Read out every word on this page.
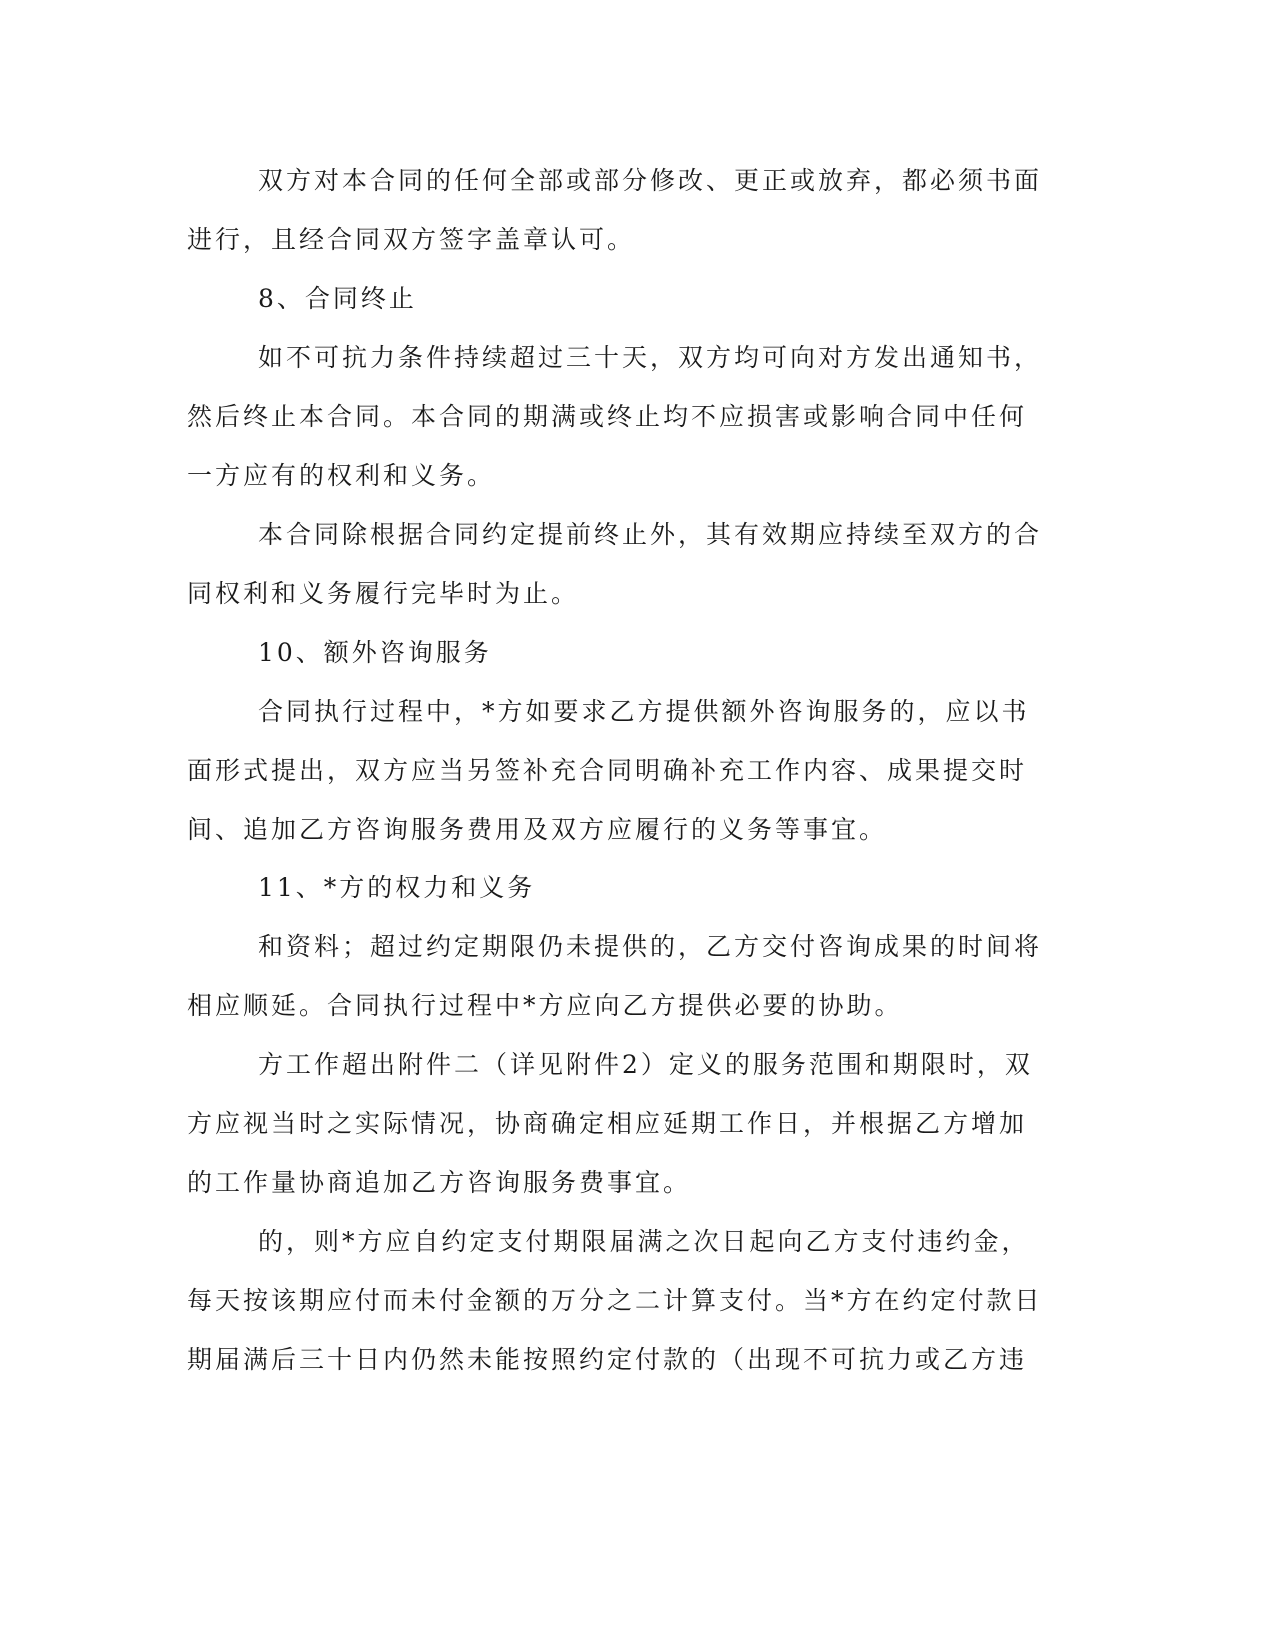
双方对本合同的任何全部或部分修改、更正或放弃，都必须书面
进行，且经合同双方签字盖章认可。
8、合同终止
如不可抗力条件持续超过三十天，双方均可向对方发出通知书，
然后终止本合同。本合同的期满或终止均不应损害或影响合同中任何
一方应有的权利和义务。
本合同除根据合同约定提前终止外，其有效期应持续至双方的合
同权利和义务履行完毕时为止。
10、额外咨询服务
合同执行过程中，*方如要求乙方提供额外咨询服务的，应以书
面形式提出，双方应当另签补充合同明确补充工作内容、成果提交时
间、追加乙方咨询服务费用及双方应履行的义务等事宜。
11、*方的权力和义务
和资料；超过约定期限仍未提供的，乙方交付咨询成果的时间将
相应顺延。合同执行过程中*方应向乙方提供必要的协助。
方工作超出附件二（详见附件2）定义的服务范围和期限时，双
方应视当时之实际情况，协商确定相应延期工作日，并根据乙方增加
的工作量协商追加乙方咨询服务费事宜。
的，则*方应自约定支付期限届满之次日起向乙方支付违约金，
每天按该期应付而未付金额的万分之二计算支付。当*方在约定付款日
期届满后三十日内仍然未能按照约定付款的（出现不可抗力或乙方违
